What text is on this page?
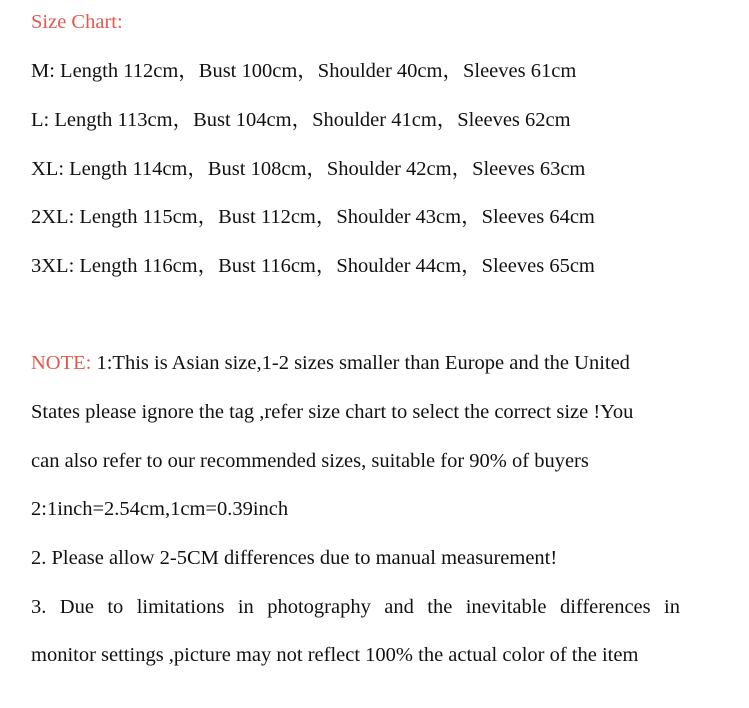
Size Chart:
M: Length 112cm，Bust 100cm，Shoulder 40cm，Sleeves 61cm
L: Length 113cm，Bust 104cm，Shoulder 41cm，Sleeves 62cm
XL: Length 114cm，Bust 108cm，Shoulder 42cm，Sleeves 63cm
2XL: Length 115cm，Bust 112cm，Shoulder 43cm，Sleeves 64cm
3XL: Length 116cm，Bust 116cm，Shoulder 44cm，Sleeves 65cm
NOTE: 1:This is Asian size,1-2 sizes smaller than Europe and the United
States please ignore the tag ,refer size chart to select the correct size !You
can also refer to our recommended sizes, suitable for 90% of buyers
2:1inch=2.54cm,1cm=0.39inch
2. Please allow 2-5CM differences due to manual measurement!
3. Due to limitations in photography and the inevitable differences in
monitor settings ,picture may not reflect 100% the actual color of the item
